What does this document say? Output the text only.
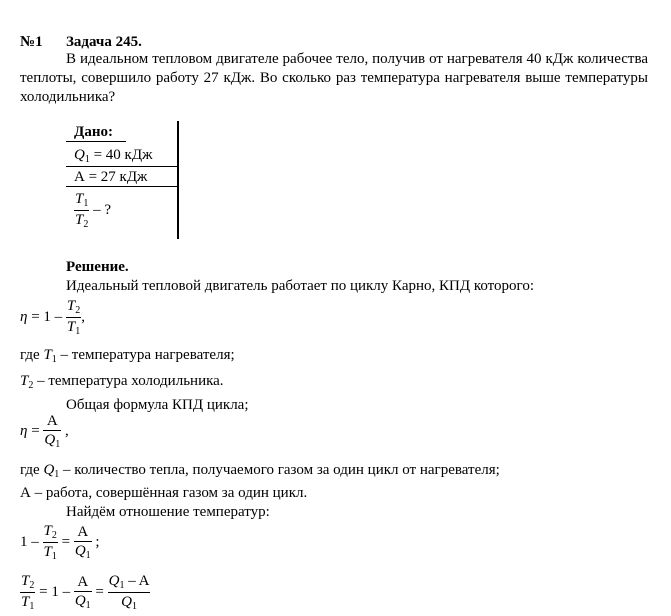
№1 Задача 245.
В идеальном тепловом двигателе рабочее тело, получив от нагревателя 40 кДж количества теплоты, совершило работу 27 кДж. Во сколько раз температура нагревателя выше температуры холодильника?
Дано:
$Q_1 = 40$ кДж
А = 27 кДж
$\frac{T_1}{T_2}$ – ?
Решение.
Идеальный тепловой двигатель работает по циклу Карно, КПД которого:
$\eta = 1 - \frac{T_2}{T_1}$ ,
где $T_1$ – температура нагревателя;
$T_2$ – температура холодильника.
Общая формула КПД цикла;
$\eta = \frac{A}{Q_1}$ ,
где $Q_1$ – количество тепла, получаемого газом за один цикл от нагревателя;
А – работа, совершённая газом за один цикл.
Найдём отношение температур:
$1 - \frac{T_2}{T_1} = \frac{A}{Q_1}$ ;
$\frac{T_2}{T_1} = 1 - \frac{A}{Q_1} = \frac{Q_1 - A}{Q_1}$
